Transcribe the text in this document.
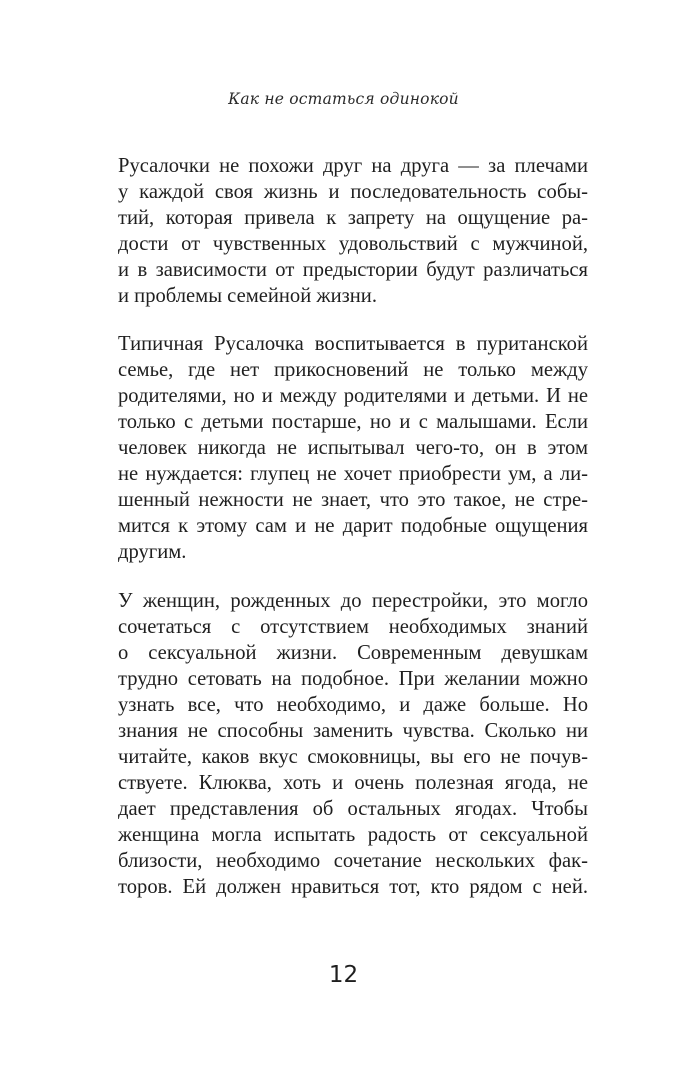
Как не остаться одинокой
Русалочки не похожи друг на друга — за плечами
у каждой своя жизнь и последовательность собы-
тий, которая привела к запрету на ощущение ра-
дости от чувственных удовольствий с мужчиной,
и в зависимости от предыстории будут различаться
и проблемы семейной жизни.
Типичная Русалочка воспитывается в пуританской
семье, где нет прикосновений не только между
родителями, но и между родителями и детьми. И не
только с детьми постарше, но и с малышами. Если
человек никогда не испытывал чего-то, он в этом
не нуждается: глупец не хочет приобрести ум, а ли-
шенный нежности не знает, что это такое, не стре-
мится к этому сам и не дарит подобные ощущения
другим.
У женщин, рожденных до перестройки, это могло
сочетаться с отсутствием необходимых знаний
о сексуальной жизни. Современным девушкам
трудно сетовать на подобное. При желании можно
узнать все, что необходимо, и даже больше. Но
знания не способны заменить чувства. Сколько ни
читайте, каков вкус смоковницы, вы его не почув-
ствуете. Клюква, хоть и очень полезная ягода, не
дает представления об остальных ягодах. Чтобы
женщина могла испытать радость от сексуальной
близости, необходимо сочетание нескольких фак-
торов. Ей должен нравиться тот, кто рядом с ней.
12
